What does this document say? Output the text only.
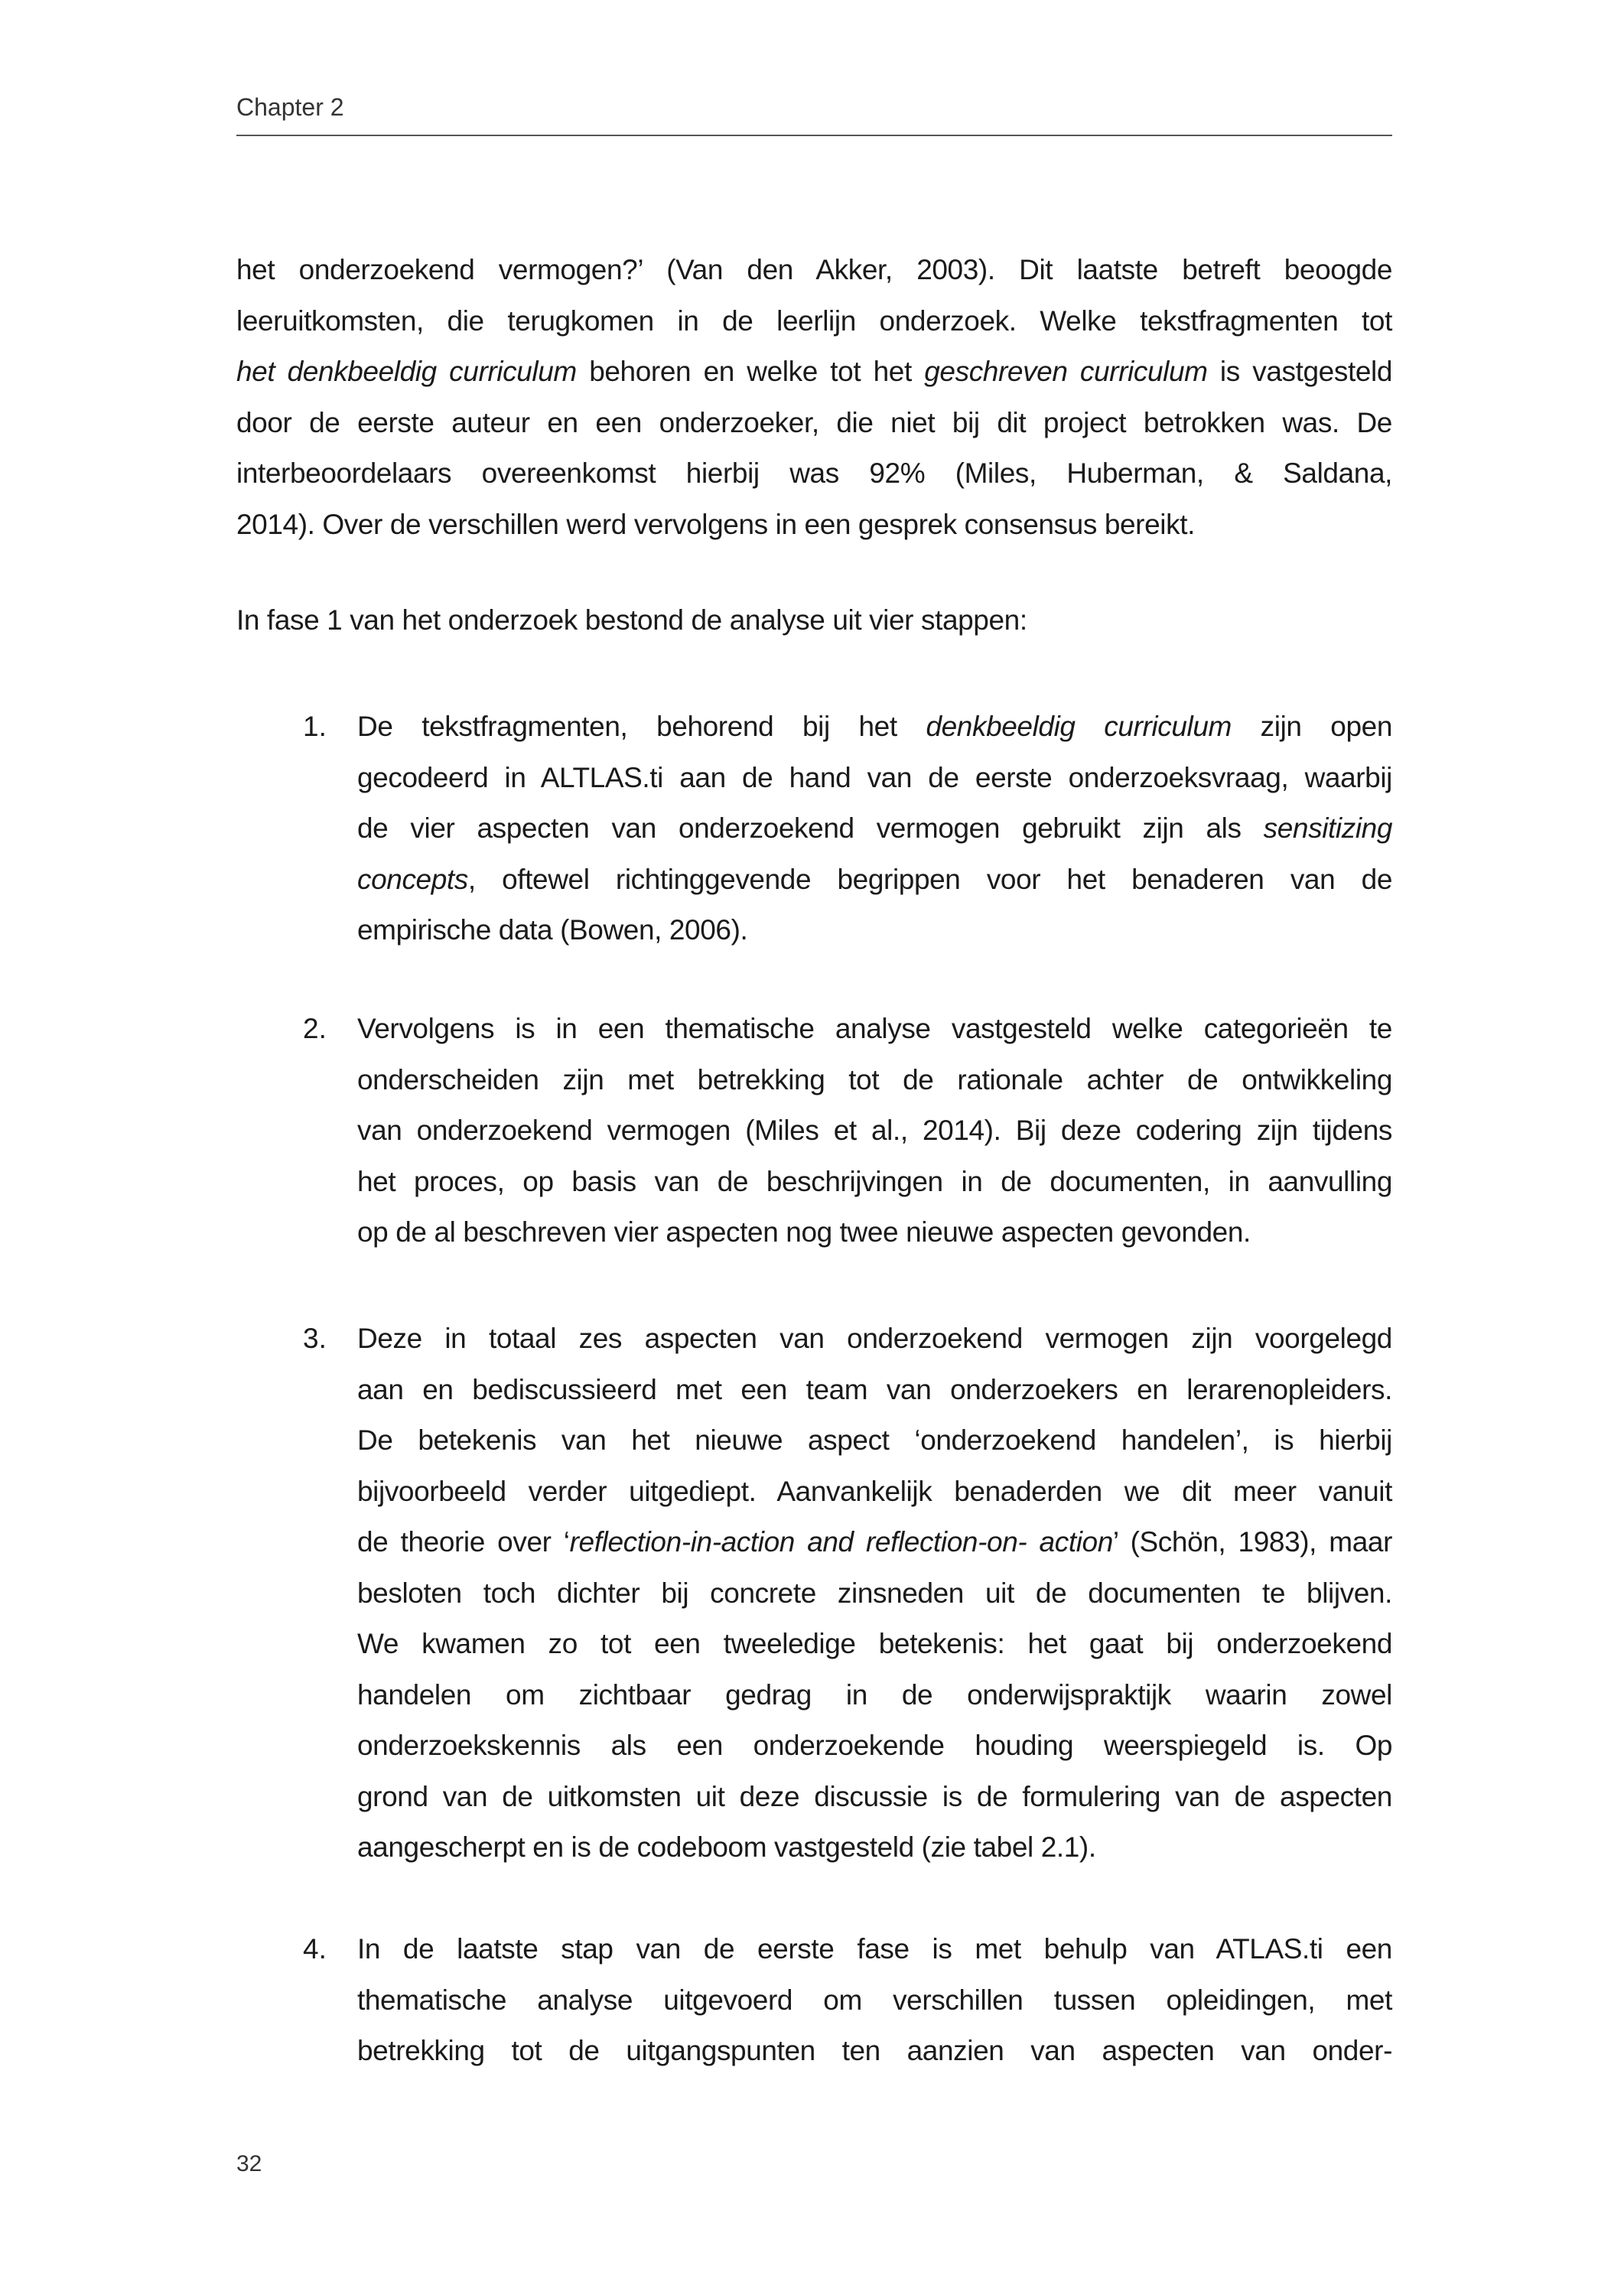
Chapter 2
het onderzoekend vermogen?’ (Van den Akker, 2003). Dit laatste betreft beoogde
leeruitkomsten, die terugkomen in de leerlijn onderzoek. Welke tekstfragmenten tot
het denkbeeldig curriculum behoren en welke tot het geschreven curriculum is vastgesteld
door de eerste auteur en een onderzoeker, die niet bij dit project betrokken was. De
interbeoordelaars overeenkomst hierbij was 92% (Miles, Huberman, & Saldana,
2014). Over de verschillen werd vervolgens in een gesprek consensus bereikt.
In fase 1 van het onderzoek bestond de analyse uit vier stappen:
1. De tekstfragmenten, behorend bij het denkbeeldig curriculum zijn open
gecodeerd in ALTLAS.ti aan de hand van de eerste onderzoeksvraag, waarbij
de vier aspecten van onderzoekend vermogen gebruikt zijn als sensitizing
concepts, oftewel richtinggevende begrippen voor het benaderen van de
empirische data (Bowen, 2006).
2. Vervolgens is in een thematische analyse vastgesteld welke categorieën te
onderscheiden zijn met betrekking tot de rationale achter de ontwikkeling
van onderzoekend vermogen (Miles et al., 2014). Bij deze codering zijn tijdens
het proces, op basis van de beschrijvingen in de documenten, in aanvulling
op de al beschreven vier aspecten nog twee nieuwe aspecten gevonden.
3. Deze in totaal zes aspecten van onderzoekend vermogen zijn voorgelegd
aan en bediscussieerd met een team van onderzoekers en lerarenopleiders.
De betekenis van het nieuwe aspect ‘onderzoekend handelen’, is hierbij
bijvoorbeeld verder uitgediept. Aanvankelijk benaderden we dit meer vanuit
de theorie over ‘reflection-in-action and reflection-on- action’ (Schön, 1983), maar
besloten toch dichter bij concrete zinsneden uit de documenten te blijven.
We kwamen zo tot een tweeledige betekenis: het gaat bij onderzoekend
handelen om zichtbaar gedrag in de onderwijspraktijk waarin zowel
onderzoekskennis als een onderzoekende houding weerspiegeld is. Op
grond van de uitkomsten uit deze discussie is de formulering van de aspecten
aangescherpt en is de codeboom vastgesteld (zie tabel 2.1).
4. In de laatste stap van de eerste fase is met behulp van ATLAS.ti een
thematische analyse uitgevoerd om verschillen tussen opleidingen, met
betrekking tot de uitgangspunten ten aanzien van aspecten van onder-
32
